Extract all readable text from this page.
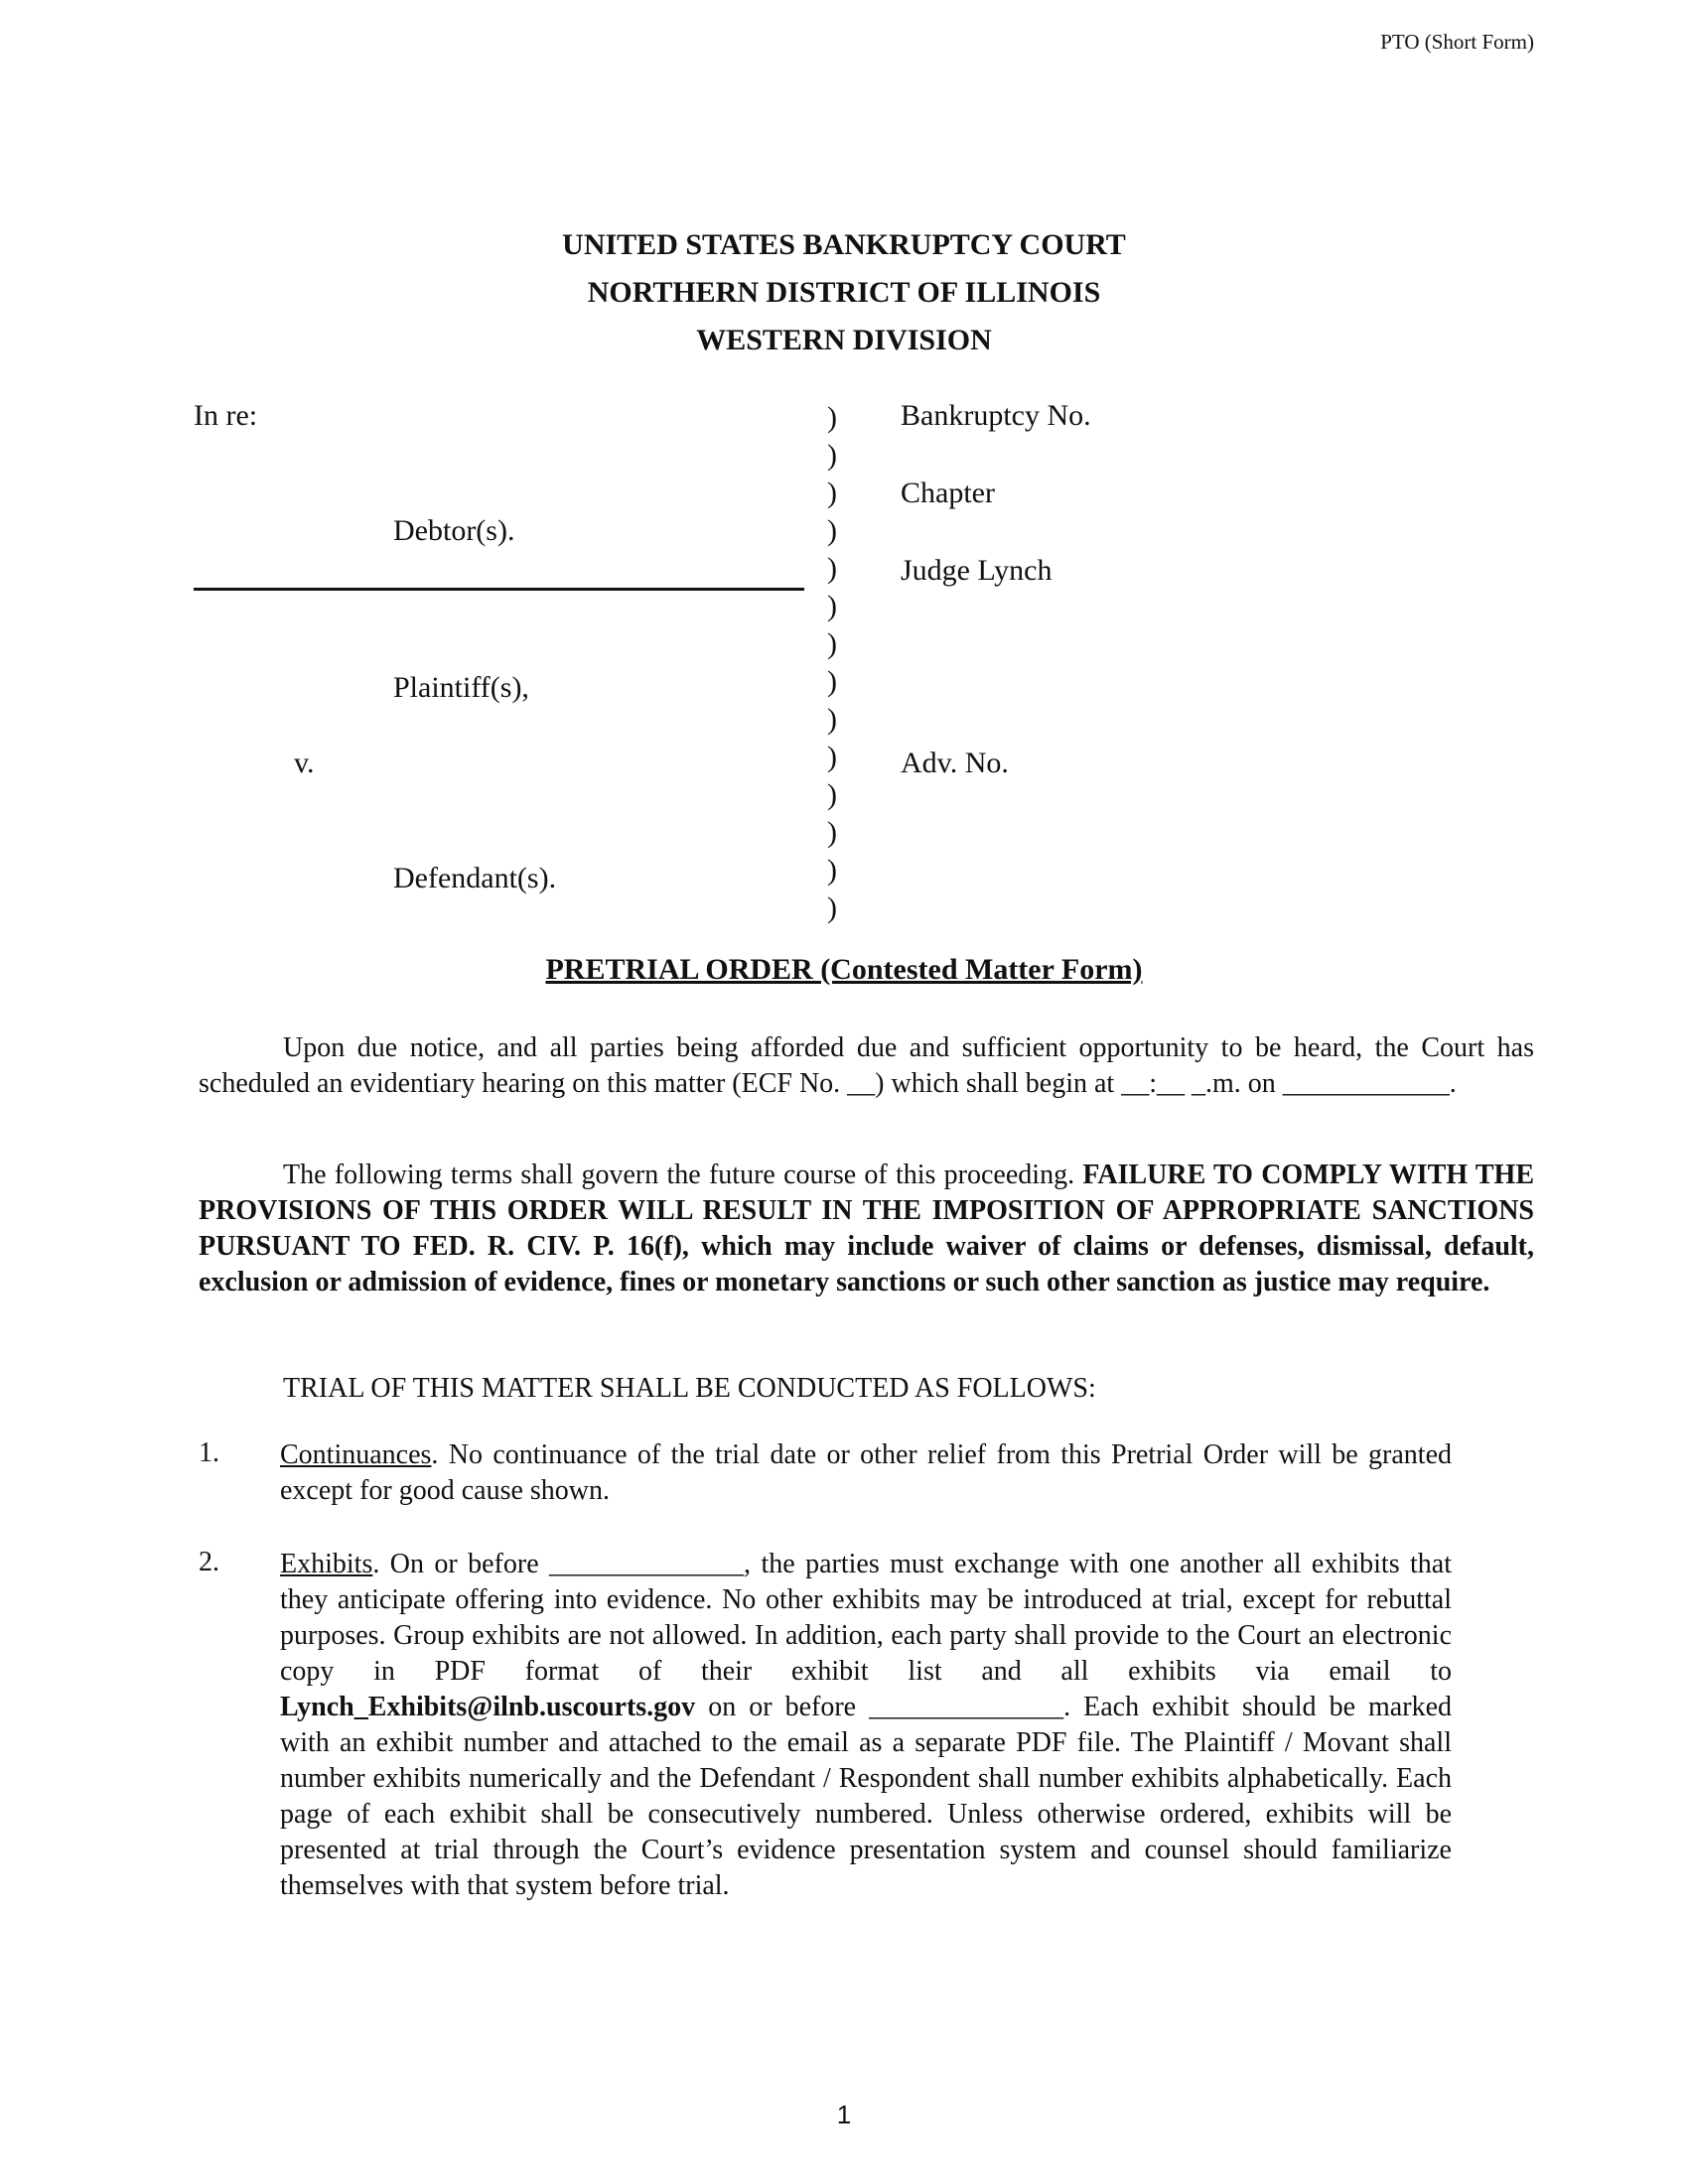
PTO (Short Form)
UNITED STATES BANKRUPTCY COURT
NORTHERN DISTRICT OF ILLINOIS
WESTERN DIVISION
In re:
Debtor(s).
Plaintiff(s),
v.
Defendant(s).
)
)
)
)
)
)
)
)
)
)
)
)
)
)
Bankruptcy No.
Chapter
Judge Lynch
Adv. No.
PRETRIAL ORDER (Contested Matter Form)
Upon due notice, and all parties being afforded due and sufficient opportunity to be heard, the Court has scheduled an evidentiary hearing on this matter (ECF No. __) which shall begin at __:__ _.m. on ____________.
The following terms shall govern the future course of this proceeding. FAILURE TO COMPLY WITH THE PROVISIONS OF THIS ORDER WILL RESULT IN THE IMPOSITION OF APPROPRIATE SANCTIONS PURSUANT TO FED. R. CIV. P. 16(f), which may include waiver of claims or defenses, dismissal, default, exclusion or admission of evidence, fines or monetary sanctions or such other sanction as justice may require.
TRIAL OF THIS MATTER SHALL BE CONDUCTED AS FOLLOWS:
1. Continuances. No continuance of the trial date or other relief from this Pretrial Order will be granted except for good cause shown.
2. Exhibits. On or before ______________, the parties must exchange with one another all exhibits that they anticipate offering into evidence. No other exhibits may be introduced at trial, except for rebuttal purposes. Group exhibits are not allowed. In addition, each party shall provide to the Court an electronic copy in PDF format of their exhibit list and all exhibits via email to Lynch_Exhibits@ilnb.uscourts.gov on or before ______________. Each exhibit should be marked with an exhibit number and attached to the email as a separate PDF file. The Plaintiff / Movant shall number exhibits numerically and the Defendant / Respondent shall number exhibits alphabetically. Each page of each exhibit shall be consecutively numbered. Unless otherwise ordered, exhibits will be presented at trial through the Court’s evidence presentation system and counsel should familiarize themselves with that system before trial.
1
